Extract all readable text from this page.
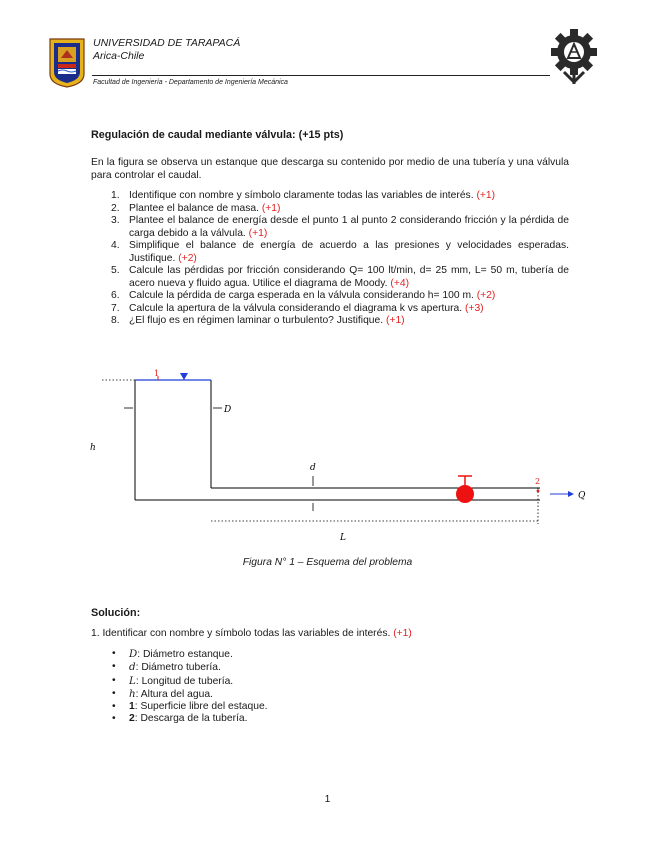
UNIVERSIDAD DE TARAPACÁ
Arica-Chile
Facultad de Ingeniería - Departamento de Ingeniería Mecánica
Regulación de caudal mediante válvula: (+15 pts)
En la figura se observa un estanque que descarga su contenido por medio de una tubería y una válvula para controlar el caudal.
1. Identifique con nombre y símbolo claramente todas las variables de interés. (+1)
2. Plantee el balance de masa. (+1)
3. Plantee el balance de energía desde el punto 1 al punto 2 considerando fricción y la pérdida de carga debido a la válvula. (+1)
4. Simplifique el balance de energía de acuerdo a las presiones y velocidades esperadas. Justifique. (+2)
5. Calcule las pérdidas por fricción considerando Q= 100 lt/min, d= 25 mm, L= 50 m, tubería de acero nueva y fluido agua. Utilice el diagrama de Moody. (+4)
6. Calcule la pérdida de carga esperada en la válvula considerando h= 100 m. (+2)
7. Calcule la apertura de la válvula considerando el diagrama k vs apertura. (+3)
8. ¿El flujo es en régimen laminar o turbulento? Justifique. (+1)
1
2
D
h
d
L
Q
Figura N° 1 – Esquema del problema
Solución:
1. Identificar con nombre y símbolo todas las variables de interés. (+1)
• D: Diámetro estanque.
• d: Diámetro tubería.
• L: Longitud de tubería.
• h: Altura del agua.
• 1: Superficie libre del estaque.
• 2: Descarga de la tubería.
1
